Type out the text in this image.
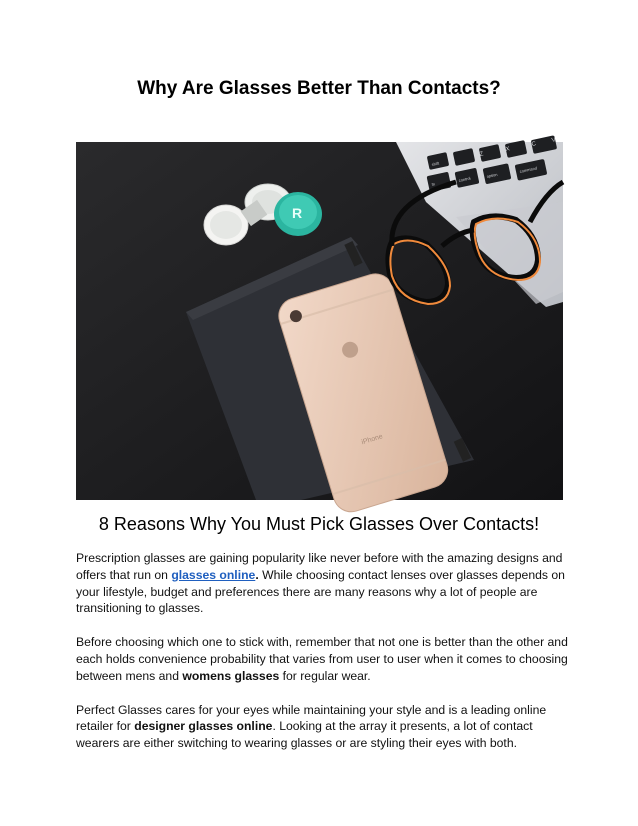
Why Are Glasses Better Than Contacts?
Z
X
C
V
shift
fn
control
option
command
R
iPhone
8 Reasons Why You Must Pick Glasses Over Contacts!

Prescription glasses are gaining popularity like never before with the amazing designs and offers that run on glasses online. While choosing contact lenses over glasses depends on your lifestyle, budget and preferences there are many reasons why a lot of people are transitioning to glasses.

Before choosing which one to stick with, remember that not one is better than the other and each holds convenience probability that varies from user to user when it comes to choosing between mens and womens glasses for regular wear.

Perfect Glasses cares for your eyes while maintaining your style and is a leading online retailer for designer glasses online. Looking at the array it presents, a lot of contact wearers are either switching to wearing glasses or are styling their eyes with both.
